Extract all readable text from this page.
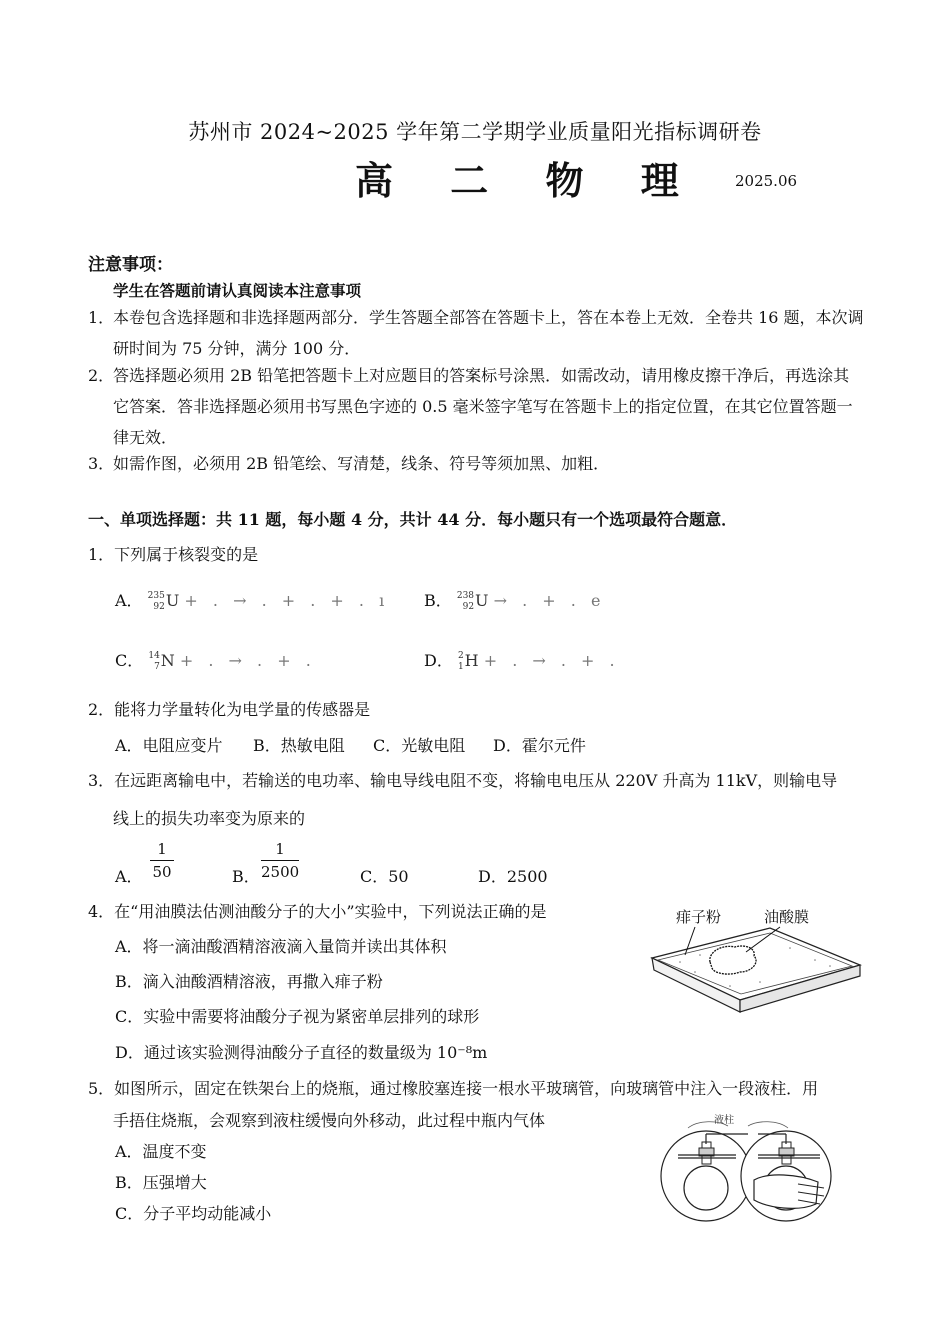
苏州市 2024~2025 学年第二学期学业质量阳光指标调研卷
高 二 物 理 2025.06
注意事项：
学生在答题前请认真阅读本注意事项
1．
本卷包含选择题和非选择题两部分．学生答题全部答在答题卡上，答在本卷上无效．全卷共 16 题，本次调研时间为 75 分钟，满分 100 分．
2．
答选择题必须用 2B 铅笔把答题卡上对应题目的答案标号涂黑．如需改动，请用橡皮擦干净后，再选涂其它答案．答非选择题必须用书写黑色字迹的 0.5 毫米签字笔写在答题卡上的指定位置，在其它位置答题一律无效．
3．
如需作图，必须用 2B 铅笔绘、写清楚，线条、符号等须加黑、加粗．
一、单项选择题：共 11 题，每小题 4 分，共计 44 分．每小题只有一个选项最符合题意．
1．下列属于核裂变的是
A． 235
92 U + . → . + . + . ı B． 238
92 U → . + . e
C． 14
7 N + . → . + .	D． 2
1 H + . → . + .
2．能将力学量转化为电学量的传感器是
A．电阻应变片 B．热敏电阻 C．光敏电阻 D．霍尔元件
3．在远距离输电中，若输送的电功率、输电导线电阻不变，将输电电压从 220V 升高为 11kV，则输电导
线上的损失功率变为原来的
A．
1
50	B．
1
2500	C．50	D．2500
4．在“用油膜法估测油酸分子的大小”实验中，下列说法正确的是
A．将一滴油酸酒精溶液滴入量筒并读出其体积
B．滴入油酸酒精溶液，再撒入痱子粉
C．实验中需要将油酸分子视为紧密单层排列的球形
D．通过该实验测得油酸分子直径的数量级为 10⁻⁸m
痱子粉	油酸膜
5．如图所示，固定在铁架台上的烧瓶，通过橡胶塞连接一根水平玻璃管，向玻璃管中注入一段液柱．用
手捂住烧瓶，会观察到液柱缓慢向外移动，此过程中瓶内气体
A．温度不变
B．压强增大
C．分子平均动能减小
液柱
